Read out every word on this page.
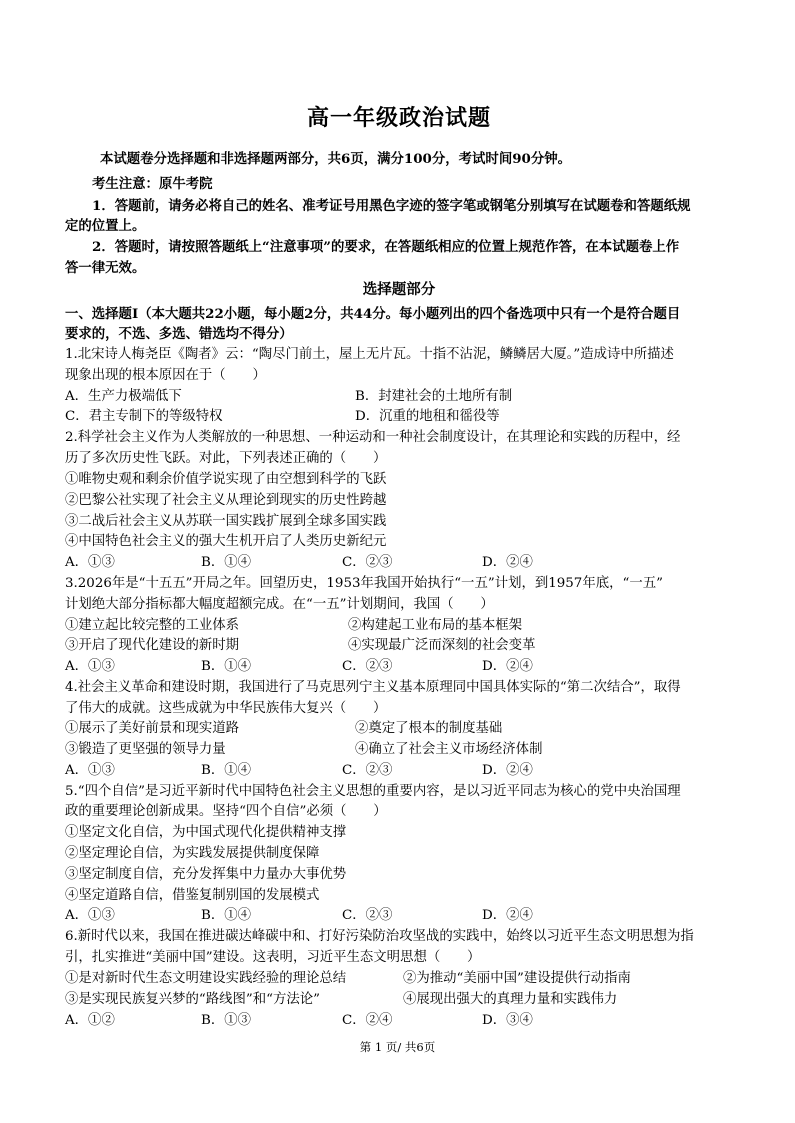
高一年级政治试题
本试题卷分选择题和非选择题两部分，共6页，满分100分，考试时间90分钟。
考生注意：原牛考院
1．答题前，请务必将自己的姓名、准考证号用黑色字迹的签字笔或钢笔分别填写在试题卷和答题纸规
定的位置上。
2．答题时，请按照答题纸上“注意事项”的要求，在答题纸相应的位置上规范作答，在本试题卷上作
答一律无效。
选择题部分
一、选择题Ⅰ（本大题共22小题，每小题2分，共44分。每小题列出的四个备选项中只有一个是符合题目
要求的，不选、多选、错选均不得分）
1.北宋诗人梅尧臣《陶者》云：“陶尽门前土，屋上无片瓦。十指不沾泥，鳞鳞居大厦。”造成诗中所描述
现象出现的根本原因在于（　　）
A．生产力极端低下	B．封建社会的土地所有制
C．君主专制下的等级特权	D．沉重的地租和徭役等
2.科学社会主义作为人类解放的一种思想、一种运动和一种社会制度设计，在其理论和实践的历程中，经
历了多次历史性飞跃。对此，下列表述正确的（　　）
①唯物史观和剩余价值学说实现了由空想到科学的飞跃
②巴黎公社实现了社会主义从理论到现实的历史性跨越
③二战后社会主义从苏联一国实践扩展到全球多国实践
④中国特色社会主义的强大生机开启了人类历史新纪元
A．①③	B．①④	C．②③	D．②④
3.2026年是“十五五”开局之年。回望历史，1953年我国开始执行“一五”计划，到1957年底，“一五”
计划绝大部分指标都大幅度超额完成。在“一五”计划期间，我国（　　）
①建立起比较完整的工业体系	②构建起工业布局的基本框架
③开启了现代化建设的新时期	④实现最广泛而深刻的社会变革
A．①③	B．①④	C．②③	D．②④
4.社会主义革命和建设时期，我国进行了马克思列宁主义基本原理同中国具体实际的“第二次结合”，取得
了伟大的成就。这些成就为中华民族伟大复兴（　　）
①展示了美好前景和现实道路	②奠定了根本的制度基础
③锻造了更坚强的领导力量	④确立了社会主义市场经济体制
A．①③	B．①④	C．②③	D．②④
5.“四个自信”是习近平新时代中国特色社会主义思想的重要内容，是以习近平同志为核心的党中央治国理
政的重要理论创新成果。坚持“四个自信”必须（　　）
①坚定文化自信，为中国式现代化提供精神支撑
②坚定理论自信，为实践发展提供制度保障
③坚定制度自信，充分发挥集中力量办大事优势
④坚定道路自信，借鉴复制别国的发展模式
A．①③	B．①④	C．②③	D．②④
6.新时代以来，我国在推进碳达峰碳中和、打好污染防治攻坚战的实践中，始终以习近平生态文明思想为指
引，扎实推进“美丽中国”建设。这表明，习近平生态文明思想（　　）
①是对新时代生态文明建设实践经验的理论总结	②为推动“美丽中国”建设提供行动指南
③是实现民族复兴梦的“路线图”和“方法论”	④展现出强大的真理力量和实践伟力
A．①②	B．①③	C．②④	D．③④
第 1 页/ 共6页
